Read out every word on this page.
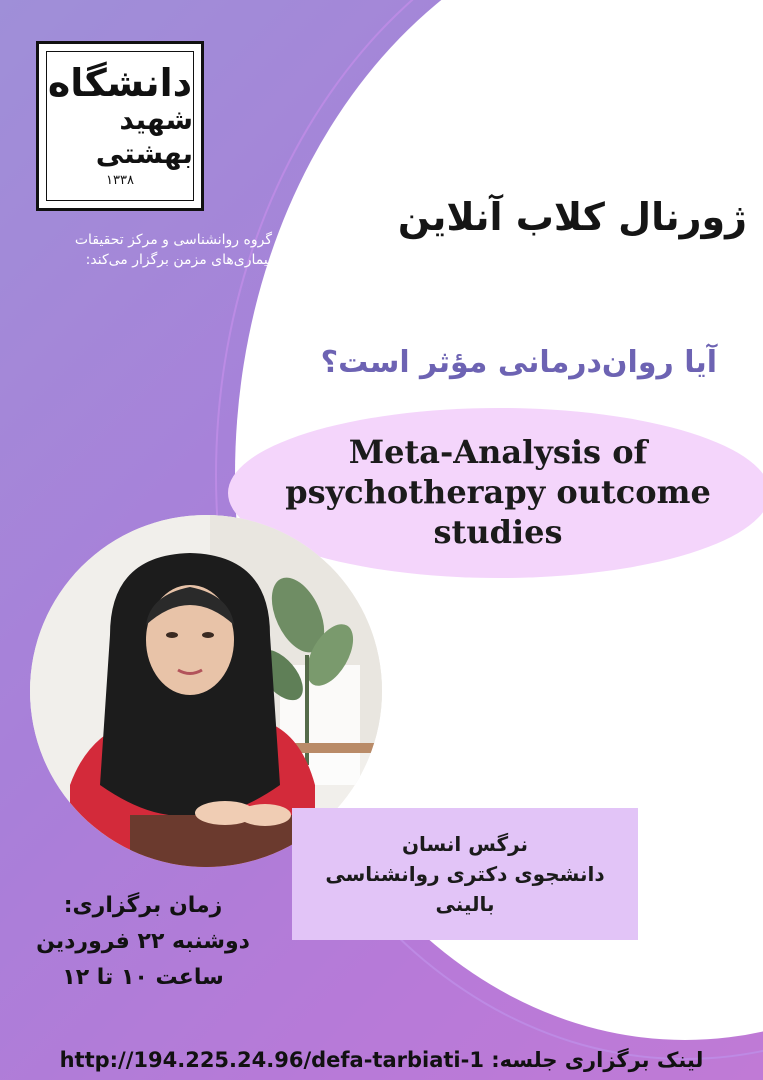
دانشگاه
شهید بهشتی
۱۳۳۸
گروه روانشناسی و مرکز تحقیقات بیماری‌های مزمن برگزار می‌کند:
ژورنال کلاب آنلاین
آیا روان‌درمانی مؤثر است؟
Meta-Analysis of
psychotherapy outcome
studies
نرگس انسان
دانشجوی دکتری روانشناسی
بالینی
زمان برگزاری:
دوشنبه ۲۲ فروردین
ساعت ۱۰ تا ۱۲
لینک برگزاری جلسه: http://194.225.24.96/defa-tarbiati-1
